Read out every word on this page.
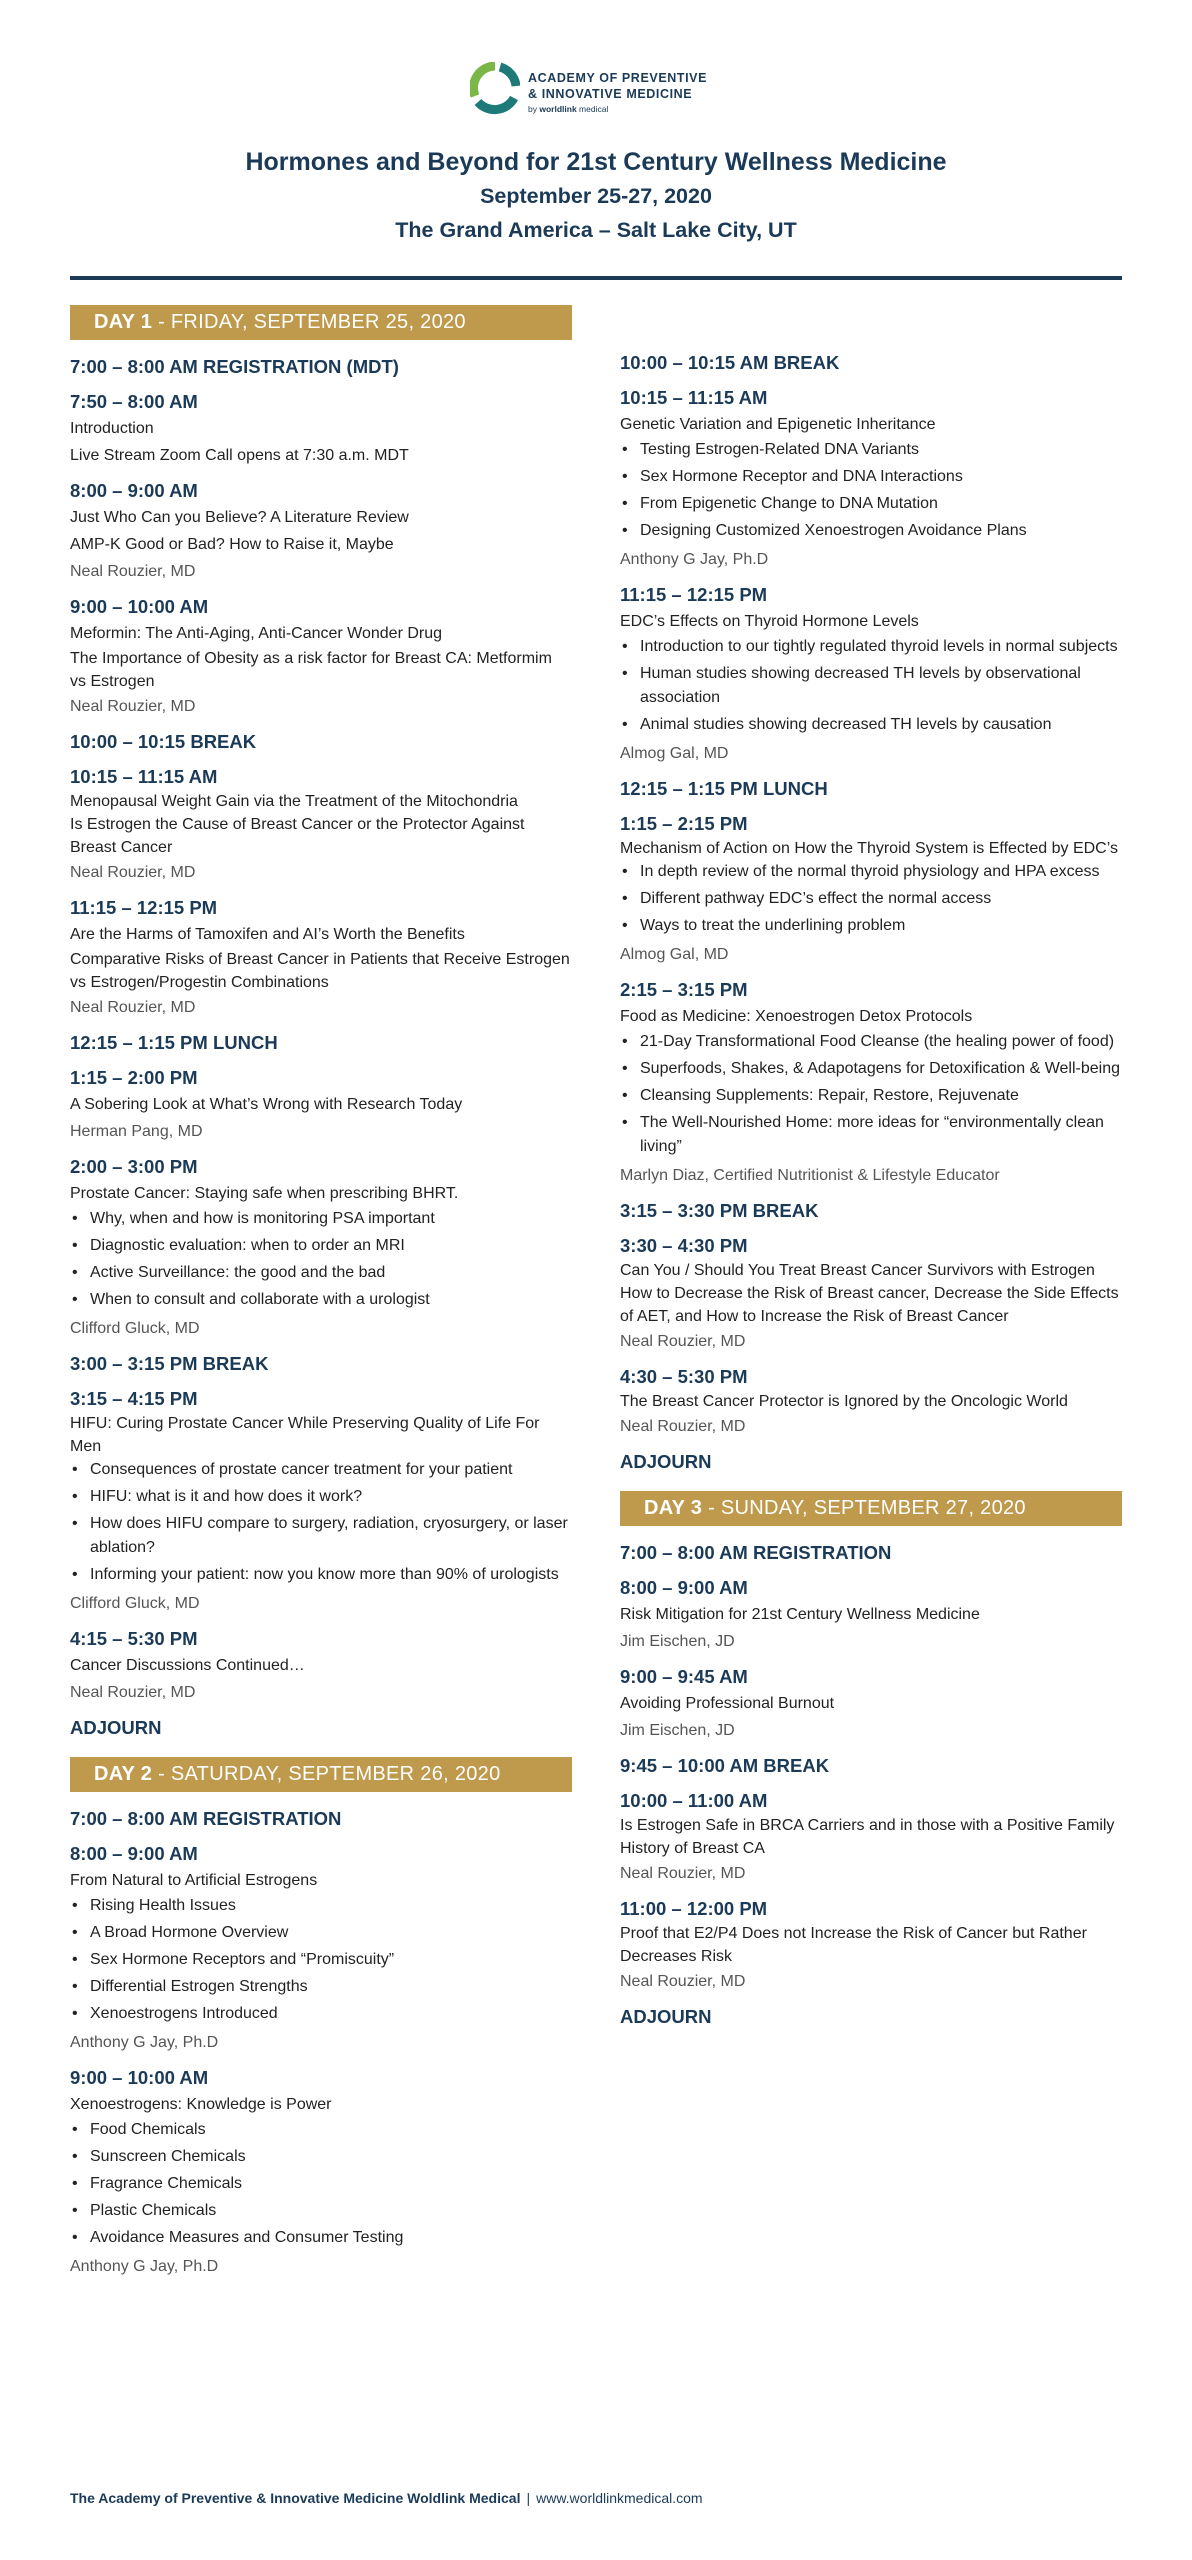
ACADEMY OF PREVENTIVE
& INNOVATIVE MEDICINE
by worldlink medical
Hormones and Beyond for 21st Century Wellness Medicine
September 25-27, 2020
The Grand America – Salt Lake City, UT
DAY 1 - FRIDAY, SEPTEMBER 25, 2020
7:00 – 8:00 AM REGISTRATION (MDT)
7:50 – 8:00 AM
Introduction
Live Stream Zoom Call opens at 7:30 a.m. MDT
8:00 – 9:00 AM
Just Who Can you Believe? A Literature Review
AMP-K Good or Bad? How to Raise it, Maybe
Neal Rouzier, MD
9:00 – 10:00 AM
Meformin: The Anti-Aging, Anti-Cancer Wonder Drug
The Importance of Obesity as a risk factor for Breast CA: Metformim vs Estrogen
Neal Rouzier, MD
10:00 – 10:15 BREAK
10:15 – 11:15 AM
Menopausal Weight Gain via the Treatment of the Mitochondria
Is Estrogen the Cause of Breast Cancer or the Protector Against Breast Cancer
Neal Rouzier, MD
11:15 – 12:15 PM
Are the Harms of Tamoxifen and AI’s Worth the Benefits
Comparative Risks of Breast Cancer in Patients that Receive Estrogen vs Estrogen/Progestin Combinations
Neal Rouzier, MD
12:15 – 1:15 PM LUNCH
1:15 – 2:00 PM
A Sobering Look at What’s Wrong with Research Today
Herman Pang, MD
2:00 – 3:00 PM
Prostate Cancer: Staying safe when prescribing BHRT.
• Why, when and how is monitoring PSA important
• Diagnostic evaluation: when to order an MRI
• Active Surveillance: the good and the bad
• When to consult and collaborate with a urologist
Clifford Gluck, MD
3:00 – 3:15 PM BREAK
3:15 – 4:15 PM
HIFU: Curing Prostate Cancer While Preserving Quality of Life For Men
• Consequences of prostate cancer treatment for your patient
• HIFU: what is it and how does it work?
• How does HIFU compare to surgery, radiation, cryosurgery, or laser ablation?
• Informing your patient: now you know more than 90% of urologists
Clifford Gluck, MD
4:15 – 5:30 PM
Cancer Discussions Continued…
Neal Rouzier, MD
ADJOURN
DAY 2 - SATURDAY, SEPTEMBER 26, 2020
7:00 – 8:00 AM REGISTRATION
8:00 – 9:00 AM
From Natural to Artificial Estrogens
• Rising Health Issues
• A Broad Hormone Overview
• Sex Hormone Receptors and “Promiscuity”
• Differential Estrogen Strengths
• Xenoestrogens Introduced
Anthony G Jay, Ph.D
9:00 – 10:00 AM
Xenoestrogens: Knowledge is Power
• Food Chemicals
• Sunscreen Chemicals
• Fragrance Chemicals
• Plastic Chemicals
• Avoidance Measures and Consumer Testing
Anthony G Jay, Ph.D
10:00 – 10:15 AM BREAK
10:15 – 11:15 AM
Genetic Variation and Epigenetic Inheritance
• Testing Estrogen-Related DNA Variants
• Sex Hormone Receptor and DNA Interactions
• From Epigenetic Change to DNA Mutation
• Designing Customized Xenoestrogen Avoidance Plans
Anthony G Jay, Ph.D
11:15 – 12:15 PM
EDC’s Effects on Thyroid Hormone Levels
• Introduction to our tightly regulated thyroid levels in normal subjects
• Human studies showing decreased TH levels by observational association
• Animal studies showing decreased TH levels by causation
Almog Gal, MD
12:15 – 1:15 PM LUNCH
1:15 – 2:15 PM
Mechanism of Action on How the Thyroid System is Effected by EDC’s
• In depth review of the normal thyroid physiology and HPA excess
• Different pathway EDC’s effect the normal access
• Ways to treat the underlining problem
Almog Gal, MD
2:15 – 3:15 PM
Food as Medicine: Xenoestrogen Detox Protocols
• 21-Day Transformational Food Cleanse (the healing power of food)
• Superfoods, Shakes, & Adapotagens for Detoxification & Well-being
• Cleansing Supplements: Repair, Restore, Rejuvenate
• The Well-Nourished Home: more ideas for “environmentally clean living”
Marlyn Diaz, Certified Nutritionist & Lifestyle Educator
3:15 – 3:30 PM BREAK
3:30 – 4:30 PM
Can You / Should You Treat Breast Cancer Survivors with Estrogen
How to Decrease the Risk of Breast cancer, Decrease the Side Effects of AET, and How to Increase the Risk of Breast Cancer
Neal Rouzier, MD
4:30 – 5:30 PM
The Breast Cancer Protector is Ignored by the Oncologic World
Neal Rouzier, MD
ADJOURN
DAY 3 - SUNDAY, SEPTEMBER 27, 2020
7:00 – 8:00 AM REGISTRATION
8:00 – 9:00 AM
Risk Mitigation for 21st Century Wellness Medicine
Jim Eischen, JD
9:00 – 9:45 AM
Avoiding Professional Burnout
Jim Eischen, JD
9:45 – 10:00 AM BREAK
10:00 – 11:00 AM
Is Estrogen Safe in BRCA Carriers and in those with a Positive Family History of Breast CA
Neal Rouzier, MD
11:00 – 12:00 PM
Proof that E2/P4 Does not Increase the Risk of Cancer but Rather Decreases Risk
Neal Rouzier, MD
ADJOURN
The Academy of Preventive & Innovative Medicine Woldlink Medical | www.worldlinkmedical.com
